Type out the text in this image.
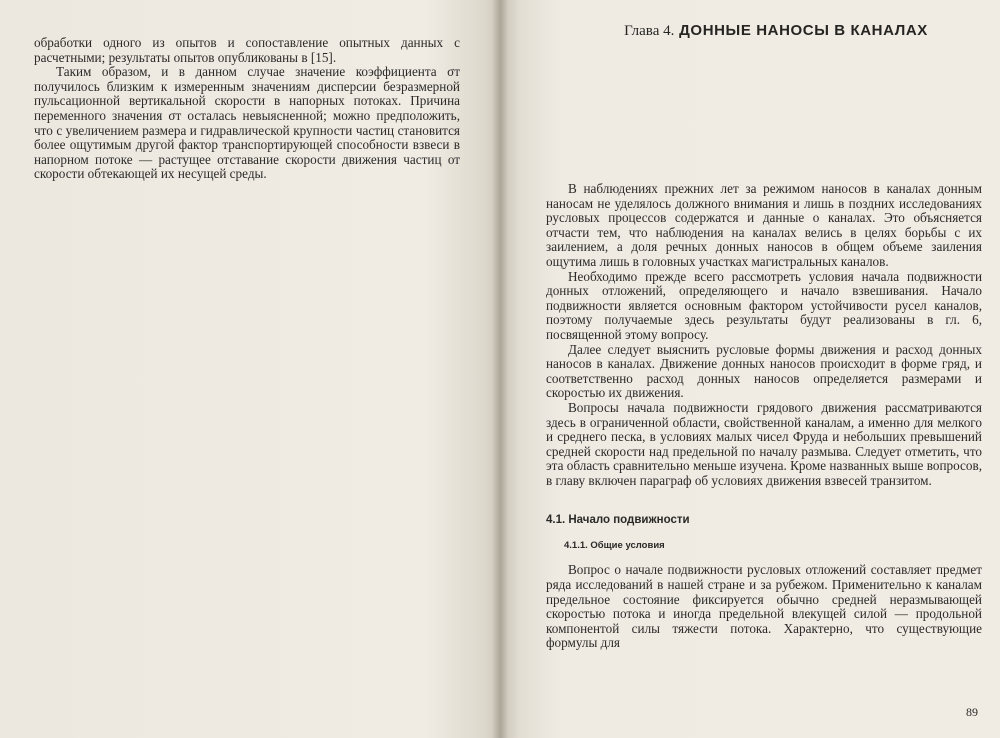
обработки одного из опытов и сопоставление опытных данных с расчетными; результаты опытов опубликованы в [15].

Таким образом, и в данном случае значение коэффициента σт получилось близким к измеренным значениям дисперсии безразмерной пульсационной вертикальной скорости в напорных потоках. Причина переменного значения σт осталась невыясненной; можно предположить, что с увеличением размера и гидравлической крупности частиц становится более ощутимым другой фактор транспортирующей способности взвеси в напорном потоке — растущее отставание скорости движения частиц от скорости обтекающей их несущей среды.

Глава 4. ДОННЫЕ НАНОСЫ В КАНАЛАХ

В наблюдениях прежних лет за режимом наносов в каналах донным наносам не уделялось должного внимания и лишь в поздних исследованиях русловых процессов содержатся и данные о каналах. Это объясняется отчасти тем, что наблюдения на каналах велись в целях борьбы с их заилением, а доля речных донных наносов в общем объеме заиления ощутима лишь в головных участках магистральных каналов.

Необходимо прежде всего рассмотреть условия начала подвижности донных отложений, определяющего и начало взвешивания. Начало подвижности является основным фактором устойчивости русел каналов, поэтому получаемые здесь результаты будут реализованы в гл. 6, посвященной этому вопросу.

Далее следует выяснить русловые формы движения и расход донных наносов в каналах. Движение донных наносов происходит в форме гряд, и соответственно расход донных наносов определяется размерами и скоростью их движения.

Вопросы начала подвижности грядового движения рассматриваются здесь в ограниченной области, свойственной каналам, а именно для мелкого и среднего песка, в условиях малых чисел Фруда и небольших превышений средней скорости над предельной по началу размыва. Следует отметить, что эта область сравнительно меньше изучена. Кроме названных выше вопросов, в главу включен параграф об условиях движения взвесей транзитом.

4.1. Начало подвижности
4.1.1. Общие условия

Вопрос о начале подвижности русловых отложений составляет предмет ряда исследований в нашей стране и за рубежом. Применительно к каналам предельное состояние фиксируется обычно средней неразмывающей скоростью потока и иногда предельной влекущей силой — продольной компонентой силы тяжести потока. Характерно, что существующие формулы для

89
